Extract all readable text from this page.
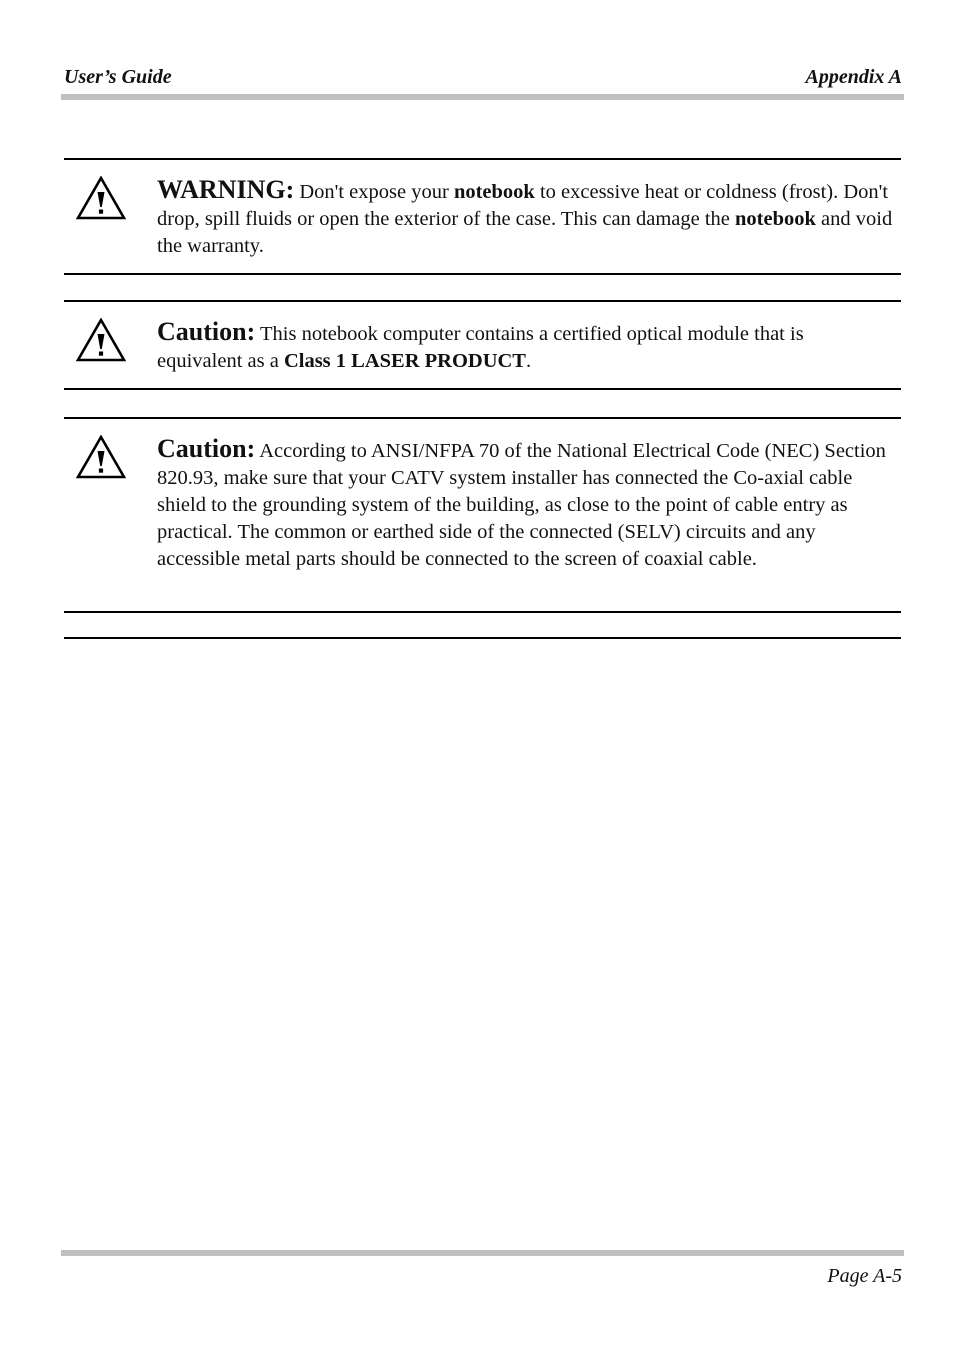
User’s Guide	Appendix A
WARNING: Don't expose your notebook to excessive heat or coldness (frost). Don't drop, spill fluids or open the exterior of the case. This can damage the notebook and void the warranty.
Caution: This notebook computer contains a certified optical module that is equivalent as a Class 1 LASER PRODUCT.
Caution: According to ANSI/NFPA 70 of the National Electrical Code (NEC) Section 820.93, make sure that your CATV system installer has connected the Co-axial cable shield to the grounding system of the building, as close to the point of cable entry as practical. The common or earthed side of the connected (SELV) circuits and any accessible metal parts should be connected to the screen of coaxial cable.
Page A-5
